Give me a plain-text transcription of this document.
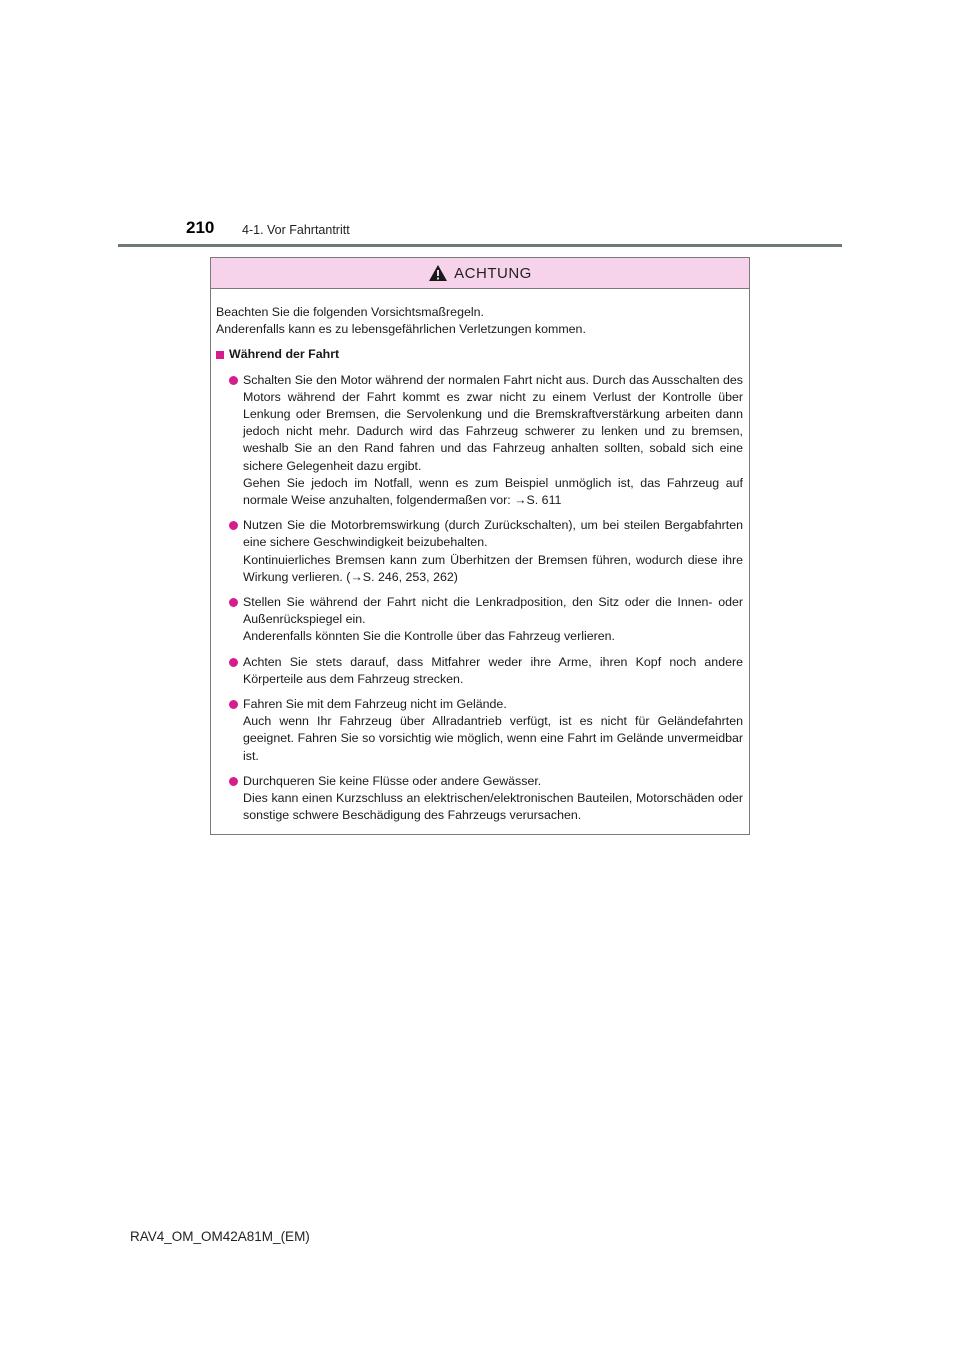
210 4-1. Vor Fahrtantritt
ACHTUNG
Beachten Sie die folgenden Vorsichtsmaßregeln.
Anderenfalls kann es zu lebensgefährlichen Verletzungen kommen.
Während der Fahrt
Schalten Sie den Motor während der normalen Fahrt nicht aus. Durch das Ausschalten des Motors während der Fahrt kommt es zwar nicht zu einem Verlust der Kontrolle über Lenkung oder Bremsen, die Servolenkung und die Bremskraftverstärkung arbeiten dann jedoch nicht mehr. Dadurch wird das Fahrzeug schwerer zu lenken und zu bremsen, weshalb Sie an den Rand fahren und das Fahrzeug anhalten sollten, sobald sich eine sichere Gelegenheit dazu ergibt.
Gehen Sie jedoch im Notfall, wenn es zum Beispiel unmöglich ist, das Fahrzeug auf normale Weise anzuhalten, folgendermaßen vor: →S. 611
Nutzen Sie die Motorbremswirkung (durch Zurückschalten), um bei steilen Bergabfahrten eine sichere Geschwindigkeit beizubehalten.
Kontinuierliches Bremsen kann zum Überhitzen der Bremsen führen, wodurch diese ihre Wirkung verlieren. (→S. 246, 253, 262)
Stellen Sie während der Fahrt nicht die Lenkradposition, den Sitz oder die Innen- oder Außenrückspiegel ein.
Anderenfalls könnten Sie die Kontrolle über das Fahrzeug verlieren.
Achten Sie stets darauf, dass Mitfahrer weder ihre Arme, ihren Kopf noch andere Körperteile aus dem Fahrzeug strecken.
Fahren Sie mit dem Fahrzeug nicht im Gelände.
Auch wenn Ihr Fahrzeug über Allradantrieb verfügt, ist es nicht für Geländefahrten geeignet. Fahren Sie so vorsichtig wie möglich, wenn eine Fahrt im Gelände unvermeidbar ist.
Durchqueren Sie keine Flüsse oder andere Gewässer.
Dies kann einen Kurzschluss an elektrischen/elektronischen Bauteilen, Motorschäden oder sonstige schwere Beschädigung des Fahrzeugs verursachen.
RAV4_OM_OM42A81M_(EM)
